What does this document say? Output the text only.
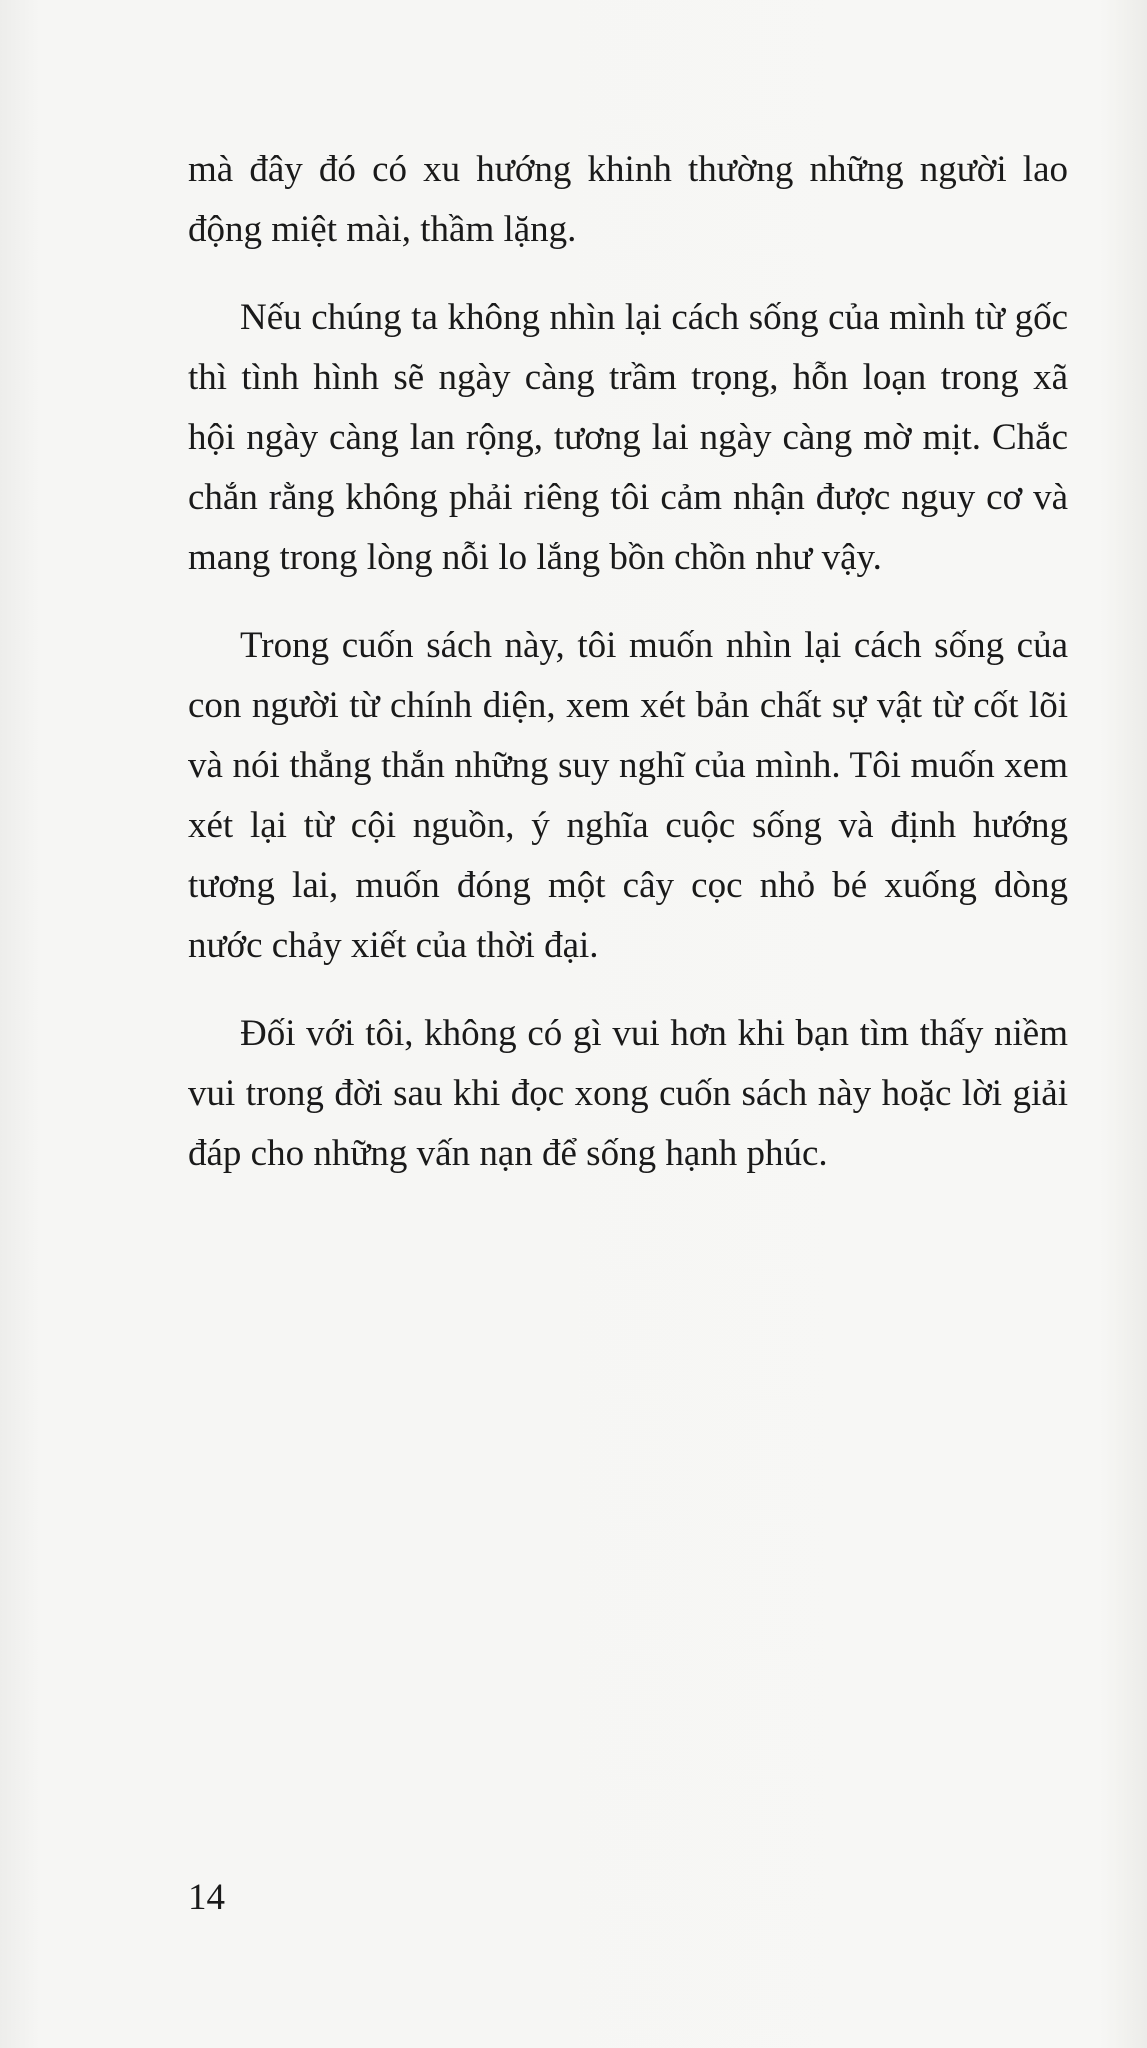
mà đây đó có xu hướng khinh thường những người lao động miệt mài, thầm lặng.

Nếu chúng ta không nhìn lại cách sống của mình từ gốc thì tình hình sẽ ngày càng trầm trọng, hỗn loạn trong xã hội ngày càng lan rộng, tương lai ngày càng mờ mịt. Chắc chắn rằng không phải riêng tôi cảm nhận được nguy cơ và mang trong lòng nỗi lo lắng bồn chồn như vậy.

Trong cuốn sách này, tôi muốn nhìn lại cách sống của con người từ chính diện, xem xét bản chất sự vật từ cốt lõi và nói thẳng thắn những suy nghĩ của mình. Tôi muốn xem xét lại từ cội nguồn, ý nghĩa cuộc sống và định hướng tương lai, muốn đóng một cây cọc nhỏ bé xuống dòng nước chảy xiết của thời đại.

Đối với tôi, không có gì vui hơn khi bạn tìm thấy niềm vui trong đời sau khi đọc xong cuốn sách này hoặc lời giải đáp cho những vấn nạn để sống hạnh phúc.

14
